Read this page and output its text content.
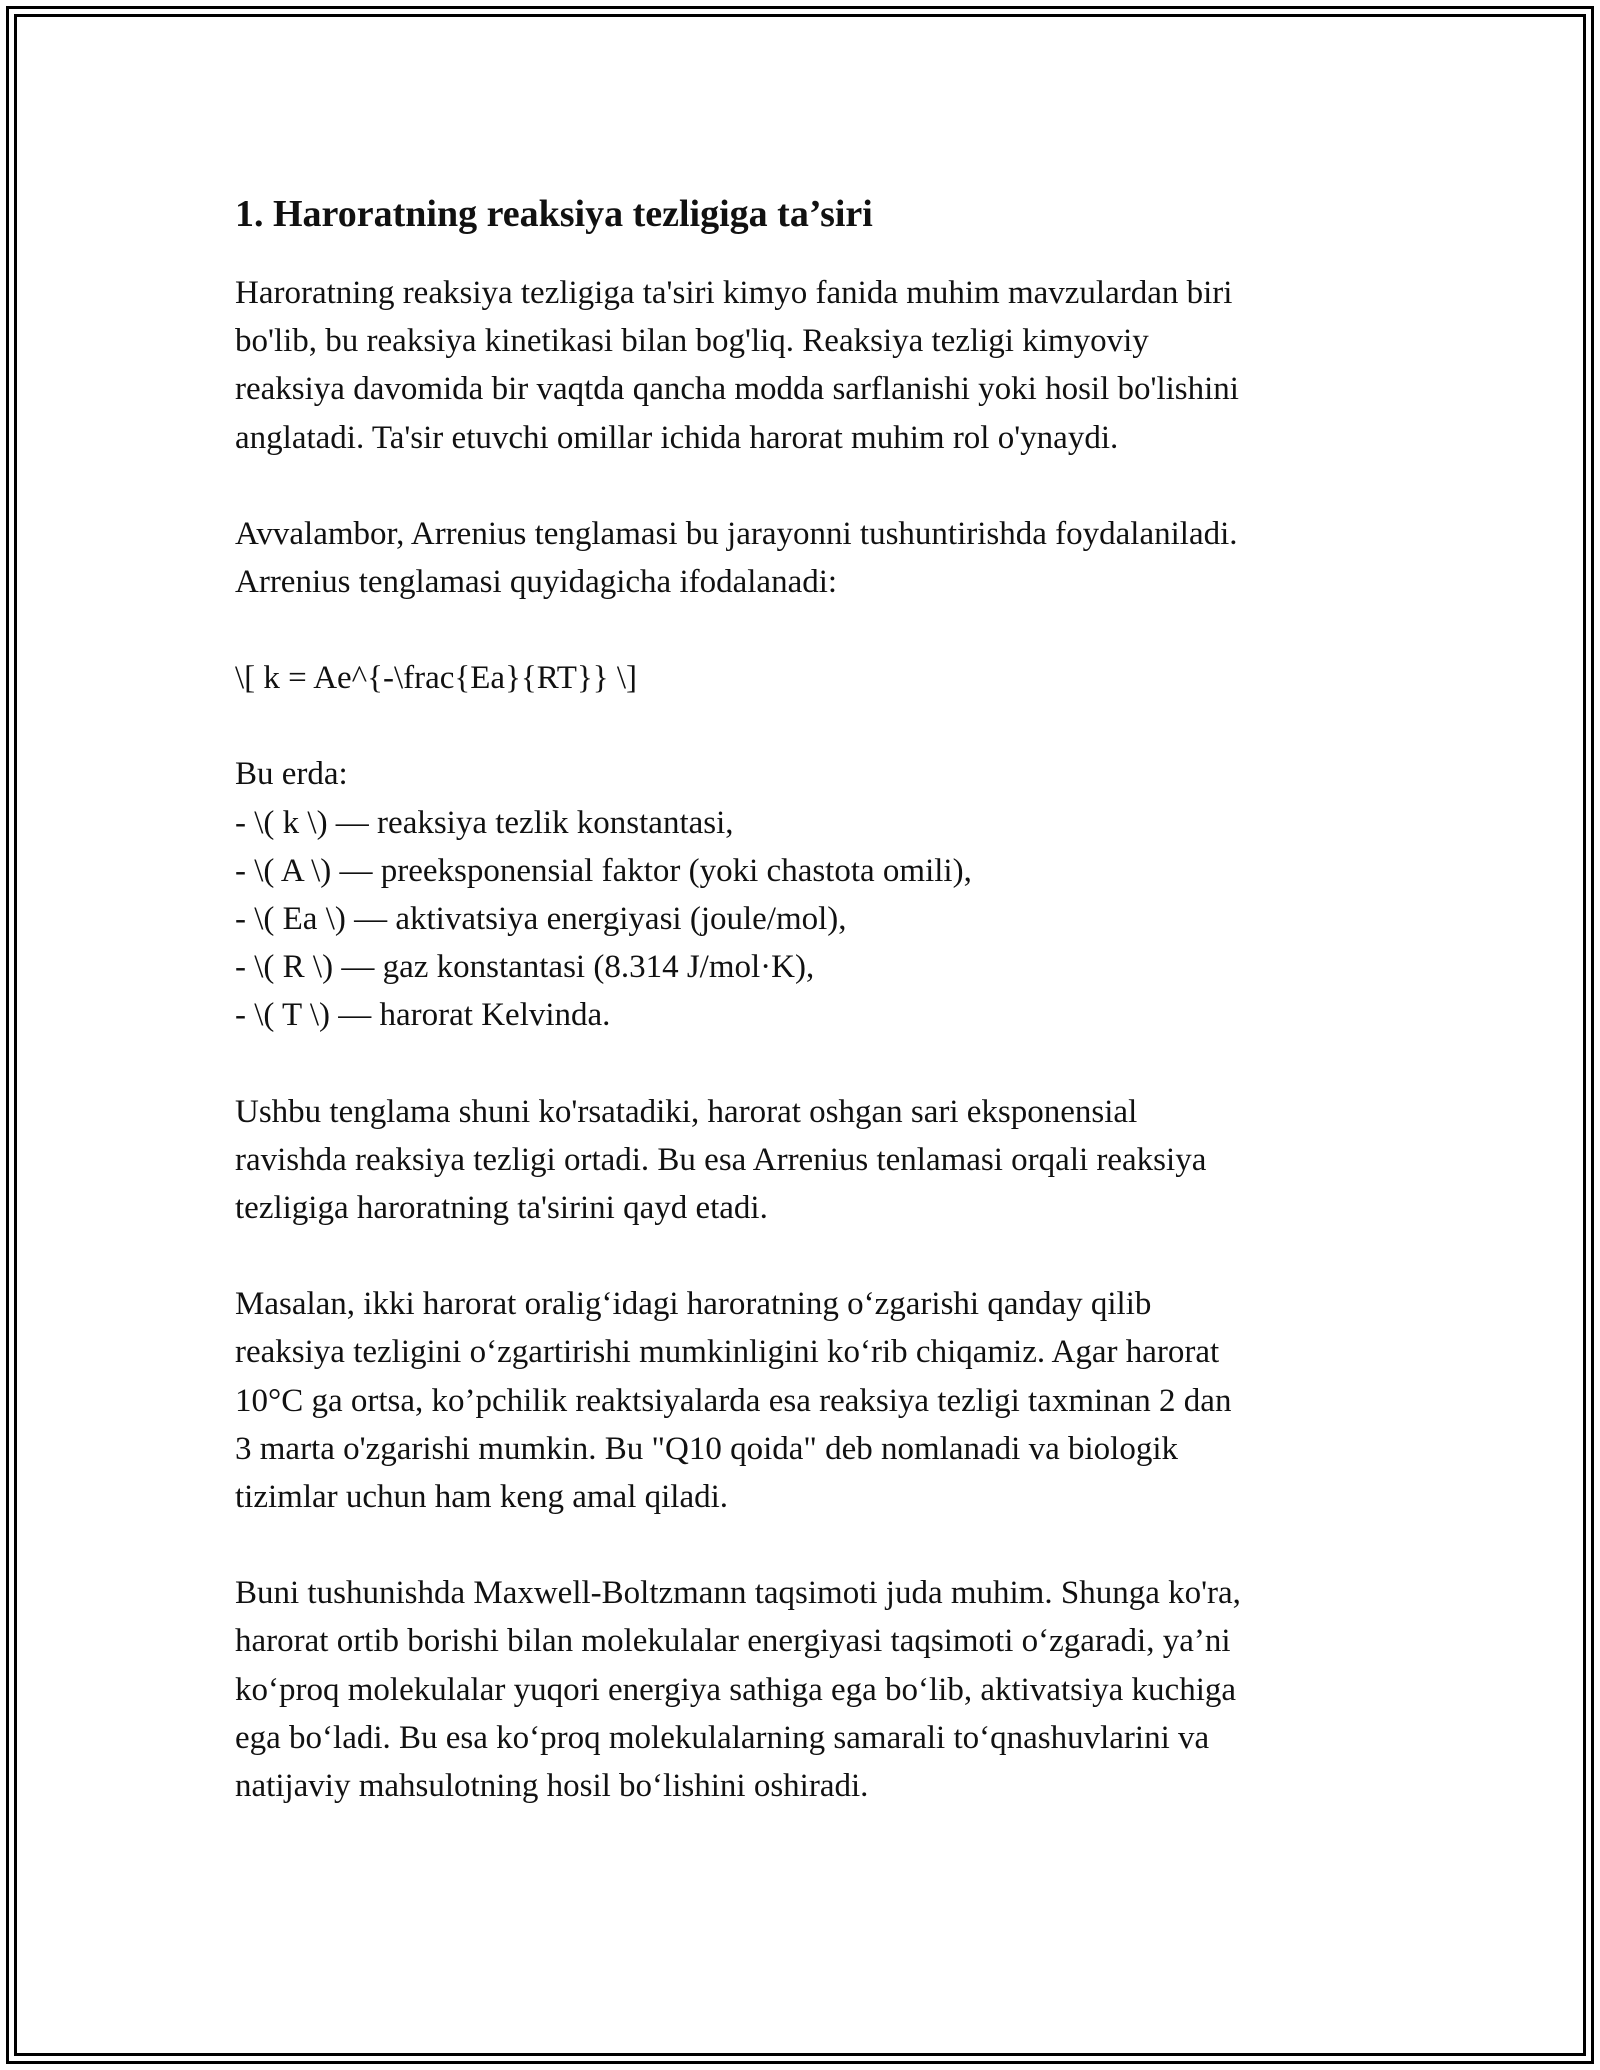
1. Haroratning reaksiya tezligiga ta’siri
Haroratning reaksiya tezligiga ta'siri kimyo fanida muhim mavzulardan biri
bo'lib, bu reaksiya kinetikasi bilan bog'liq. Reaksiya tezligi kimyoviy
reaksiya davomida bir vaqtda qancha modda sarflanishi yoki hosil bo'lishini
anglatadi. Ta'sir etuvchi omillar ichida harorat muhim rol o'ynaydi.
Avvalambor, Arrenius tenglamasi bu jarayonni tushuntirishda foydalaniladi.
Arrenius tenglamasi quyidagicha ifodalanadi:
\[ k = Ae^{-\frac{Ea}{RT}} \]
Bu erda:
- \( k \) — reaksiya tezlik konstantasi,
- \( A \) — preeksponensial faktor (yoki chastota omili),
- \( Ea \) — aktivatsiya energiyasi (joule/mol),
- \( R \) — gaz konstantasi (8.314 J/mol·K),
- \( T \) — harorat Kelvinda.
Ushbu tenglama shuni ko'rsatadiki, harorat oshgan sari eksponensial
ravishda reaksiya tezligi ortadi. Bu esa Arrenius tenlamasi orqali reaksiya
tezligiga haroratning ta'sirini qayd etadi.
Masalan, ikki harorat oralig‘idagi haroratning o‘zgarishi qanday qilib
reaksiya tezligini o‘zgartirishi mumkinligini ko‘rib chiqamiz. Agar harorat
10°C ga ortsa, ko’pchilik reaktsiyalarda esa reaksiya tezligi taxminan 2 dan
3 marta o'zgarishi mumkin. Bu "Q10 qoida" deb nomlanadi va biologik
tizimlar uchun ham keng amal qiladi.
Buni tushunishda Maxwell-Boltzmann taqsimoti juda muhim. Shunga ko'ra,
harorat ortib borishi bilan molekulalar energiyasi taqsimoti o‘zgaradi, ya’ni
ko‘proq molekulalar yuqori energiya sathiga ega bo‘lib, aktivatsiya kuchiga
ega bo‘ladi. Bu esa ko‘proq molekulalarning samarali to‘qnashuvlarini va
natijaviy mahsulotning hosil bo‘lishini oshiradi.
